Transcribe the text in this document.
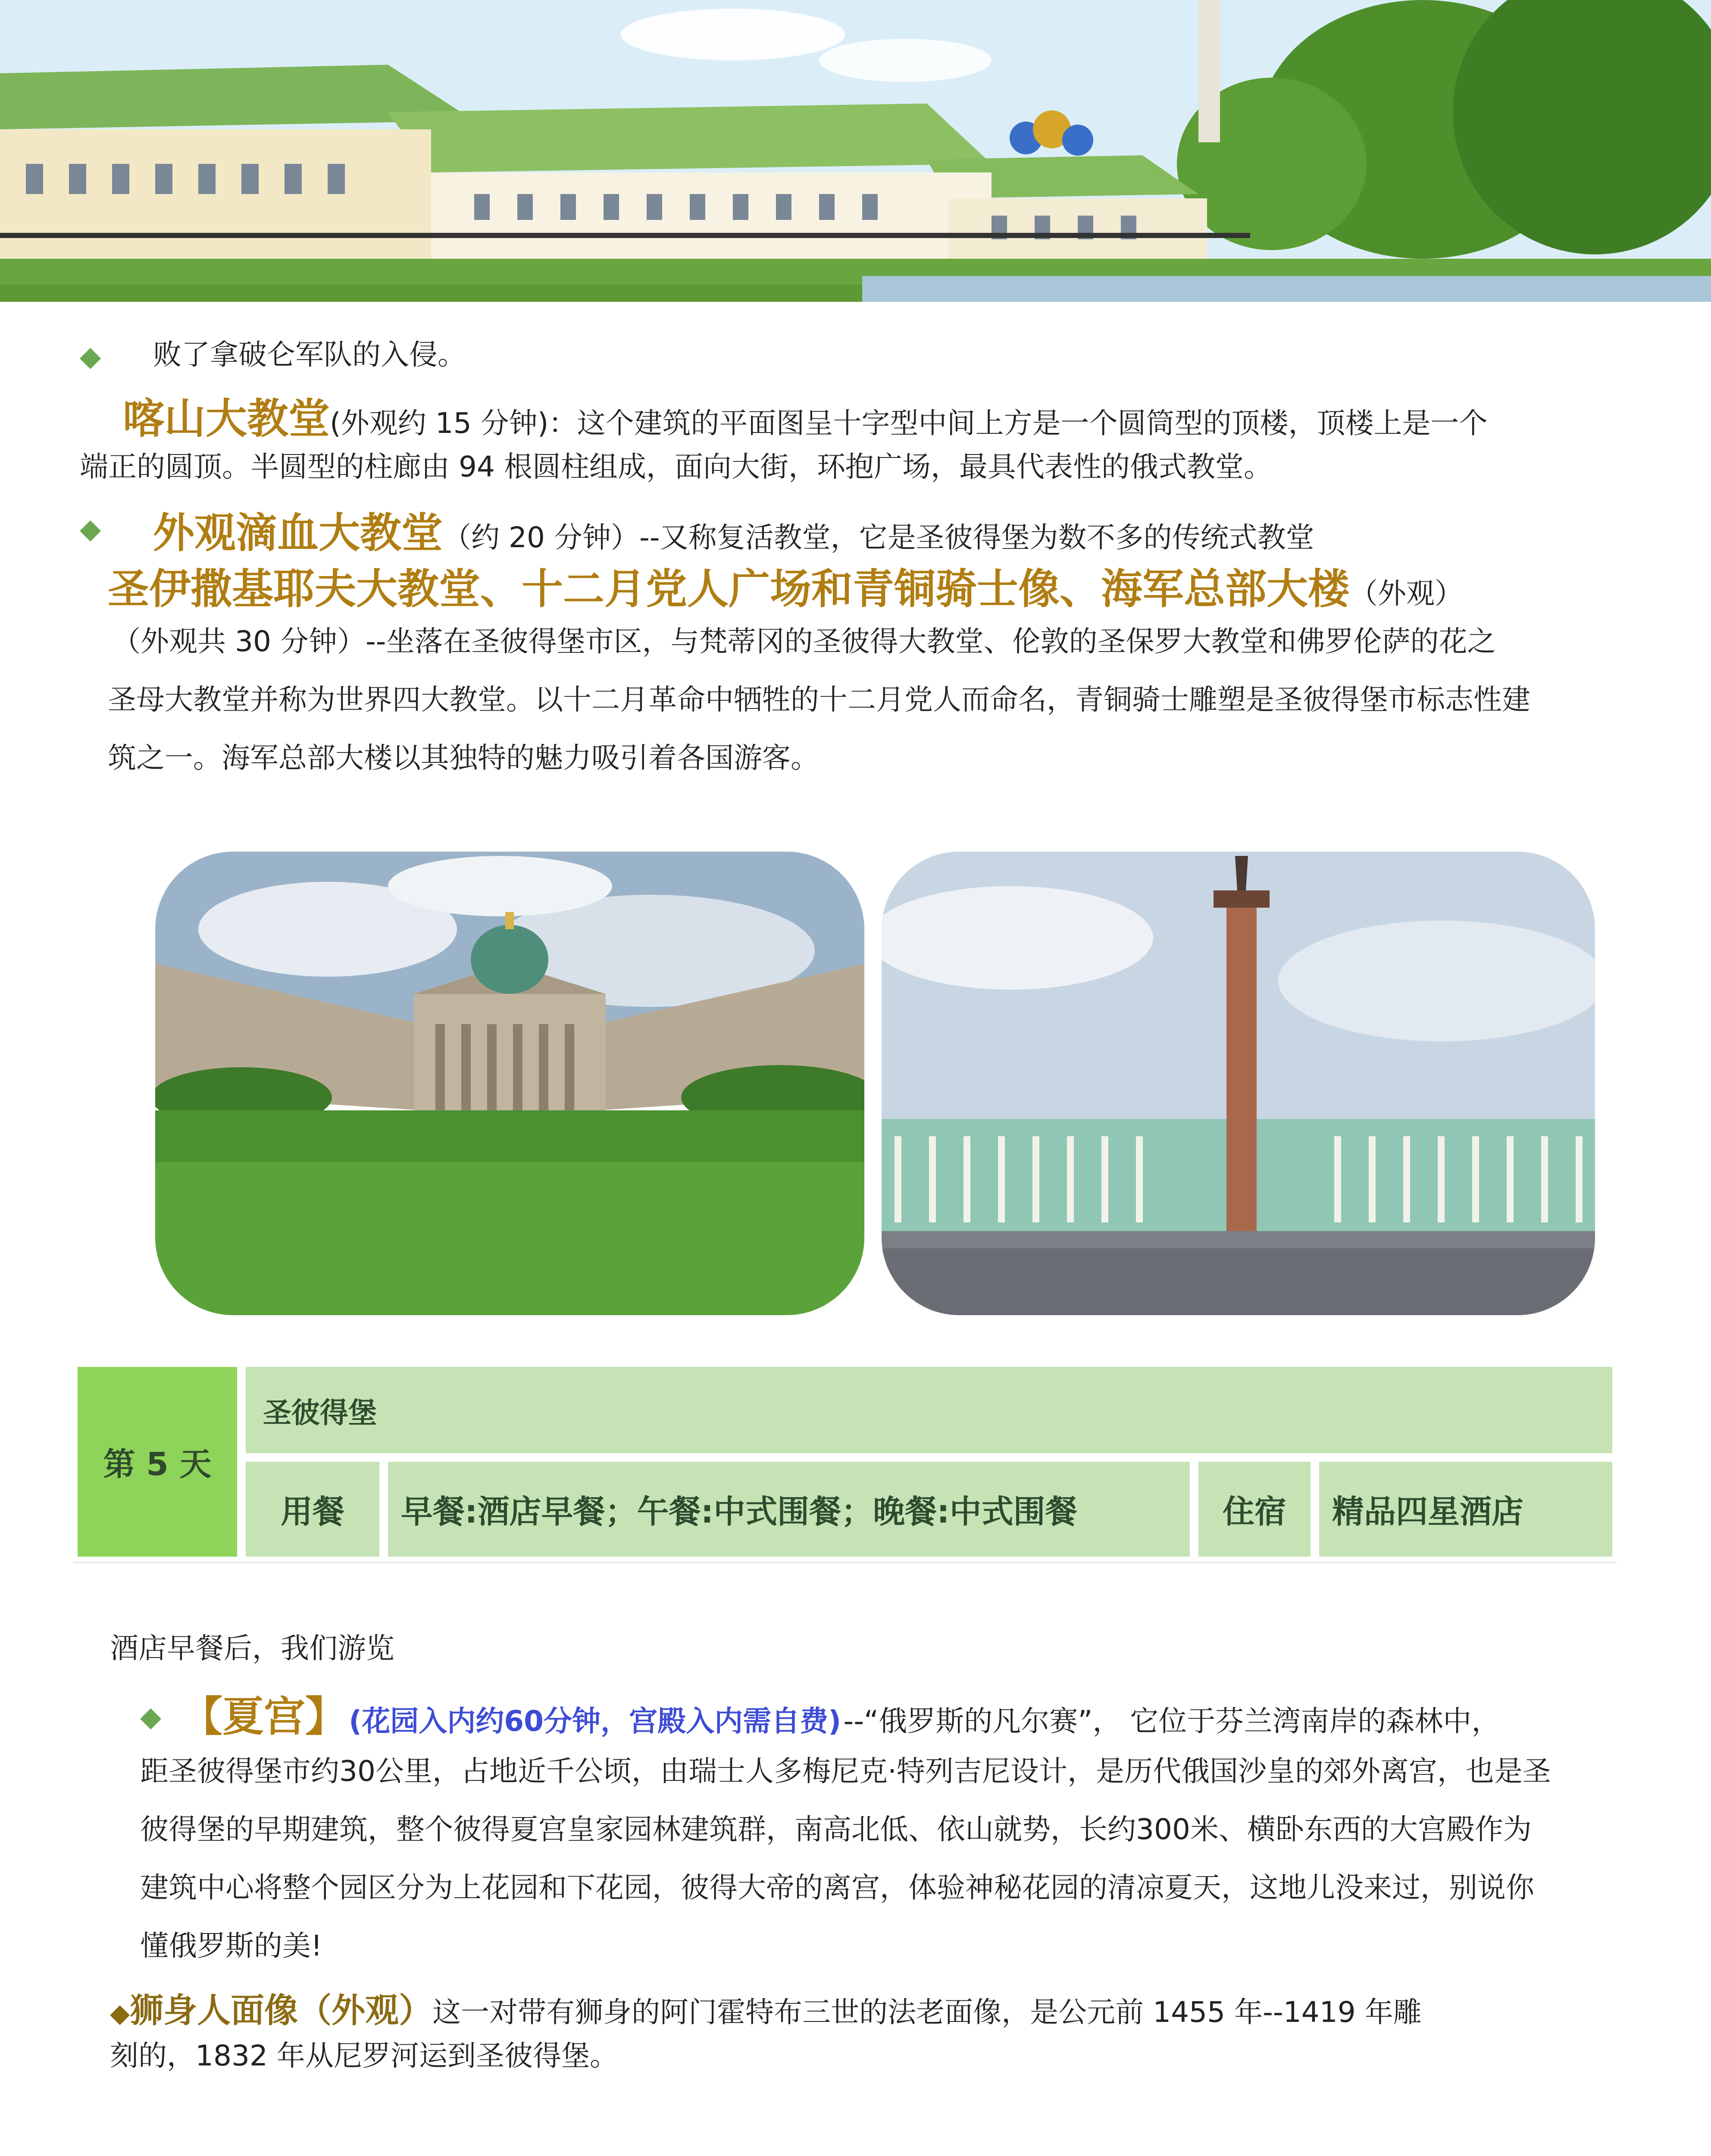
◆ 败了拿破仑军队的入侵。
喀山大教堂(外观约 15 分钟)：这个建筑的平面图呈十字型中间上方是一个圆筒型的顶楼，顶楼上是一个
端正的圆顶。半圆型的柱廊由 94 根圆柱组成，面向大街，环抱广场，最具代表性的俄式教堂。
◆ 外观滴血大教堂（约 20 分钟）--又称复活教堂，它是圣彼得堡为数不多的传统式教堂
圣伊撒基耶夫大教堂、十二月党人广场和青铜骑士像、海军总部大楼（外观）
（外观共 30 分钟）--坐落在圣彼得堡市区，与梵蒂冈的圣彼得大教堂、伦敦的圣保罗大教堂和佛罗伦萨的花之
圣母大教堂并称为世界四大教堂。以十二月革命中牺牲的十二月党人而命名，青铜骑士雕塑是圣彼得堡市标志性建
筑之一。海军总部大楼以其独特的魅力吸引着各国游客。
第 5 天
圣彼得堡
用餐	早餐:酒店早餐；午餐:中式围餐；晚餐:中式围餐	住宿	精品四星酒店
酒店早餐后，我们游览
◆ 【夏宫】 (花园入内约60分钟，宫殿入内需自费) --“俄罗斯的凡尔赛”， 它位于芬兰湾南岸的森林中，
距圣彼得堡市约30公里，占地近千公顷，由瑞士人多梅尼克·特列吉尼设计，是历代俄国沙皇的郊外离宫，也是圣
彼得堡的早期建筑，整个彼得夏宫皇家园林建筑群，南高北低、依山就势，长约300米、横卧东西的大宫殿作为
建筑中心将整个园区分为上花园和下花园，彼得大帝的离宫，体验神秘花园的清凉夏天，这地儿没来过，别说你
懂俄罗斯的美!
◆狮身人面像（外观）这一对带有狮身的阿门霍特布三世的法老面像，是公元前 1455 年--1419 年雕
刻的，1832 年从尼罗河运到圣彼得堡。
